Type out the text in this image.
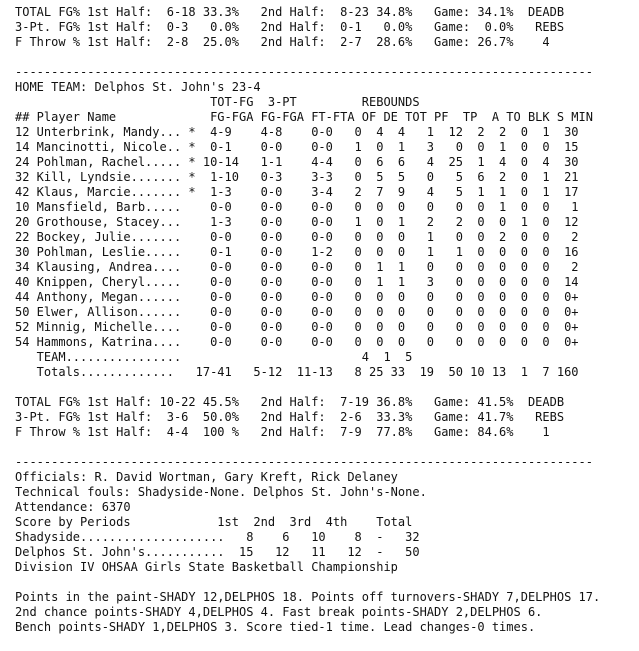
TOTAL FG% 1st Half:  6-18 33.3%   2nd Half:  8-23 34.8%   Game: 34.1%  DEADB
3-Pt. FG% 1st Half:  0-3   0.0%   2nd Half:  0-1   0.0%   Game:  0.0%   REBS
F Throw % 1st Half:  2-8  25.0%   2nd Half:  2-7  28.6%   Game: 26.7%    4
--------------------------------------------------------------------------------
HOME TEAM: Delphos St. John's 23-4
TOT-FG  3-PT         REBOUNDS
## Player Name             FG-FGA FG-FGA FT-FTA OF DE TOT PF  TP  A TO BLK S MIN
12 Unterbrink, Mandy... *  4-9    4-8    0-0   0  4  4   1  12  2  2  0  1  30
14 Mancinotti, Nicole.. *  0-1    0-0    0-0   1  0  1   3   0  0  1  0  0  15
24 Pohlman, Rachel..... * 10-14   1-1    4-4   0  6  6   4  25  1  4  0  4  30
32 Kill, Lyndsie....... *  1-10   0-3    3-3   0  5  5   0   5  6  2  0  1  21
42 Klaus, Marcie....... *  1-3    0-0    3-4   2  7  9   4   5  1  1  0  1  17
10 Mansfield, Barb.....    0-0    0-0    0-0   0  0  0   0   0  0  1  0  0   1
20 Grothouse, Stacey...    1-3    0-0    0-0   1  0  1   2   2  0  0  1  0  12
22 Bockey, Julie.......    0-0    0-0    0-0   0  0  0   1   0  0  2  0  0   2
30 Pohlman, Leslie.....    0-1    0-0    1-2   0  0  0   1   1  0  0  0  0  16
34 Klausing, Andrea....    0-0    0-0    0-0   0  1  1   0   0  0  0  0  0   2
40 Knippen, Cheryl.....    0-0    0-0    0-0   0  1  1   3   0  0  0  0  0  14
44 Anthony, Megan......    0-0    0-0    0-0   0  0  0   0   0  0  0  0  0  0+
50 Elwer, Allison......    0-0    0-0    0-0   0  0  0   0   0  0  0  0  0  0+
52 Minnig, Michelle....    0-0    0-0    0-0   0  0  0   0   0  0  0  0  0  0+
54 Hammons, Katrina....    0-0    0-0    0-0   0  0  0   0   0  0  0  0  0  0+
TEAM................                         4  1  5
Totals.............   17-41   5-12  11-13   8 25 33  19  50 10 13  1  7 160
TOTAL FG% 1st Half: 10-22 45.5%   2nd Half:  7-19 36.8%   Game: 41.5%  DEADB
3-Pt. FG% 1st Half:  3-6  50.0%   2nd Half:  2-6  33.3%   Game: 41.7%   REBS
F Throw % 1st Half:  4-4  100 %   2nd Half:  7-9  77.8%   Game: 84.6%    1
--------------------------------------------------------------------------------
Officials: R. David Wortman, Gary Kreft, Rick Delaney
Technical fouls: Shadyside-None. Delphos St. John's-None.
Attendance: 6370
Score by Periods            1st  2nd  3rd  4th    Total
Shadyside....................   8    6   10    8  -   32
Delphos St. John's...........  15   12   11   12  -   50
Division IV OHSAA Girls State Basketball Championship
Points in the paint-SHADY 12,DELPHOS 18. Points off turnovers-SHADY 7,DELPHOS 17.
2nd chance points-SHADY 4,DELPHOS 4. Fast break points-SHADY 2,DELPHOS 6.
Bench points-SHADY 1,DELPHOS 3. Score tied-1 time. Lead changes-0 times.
